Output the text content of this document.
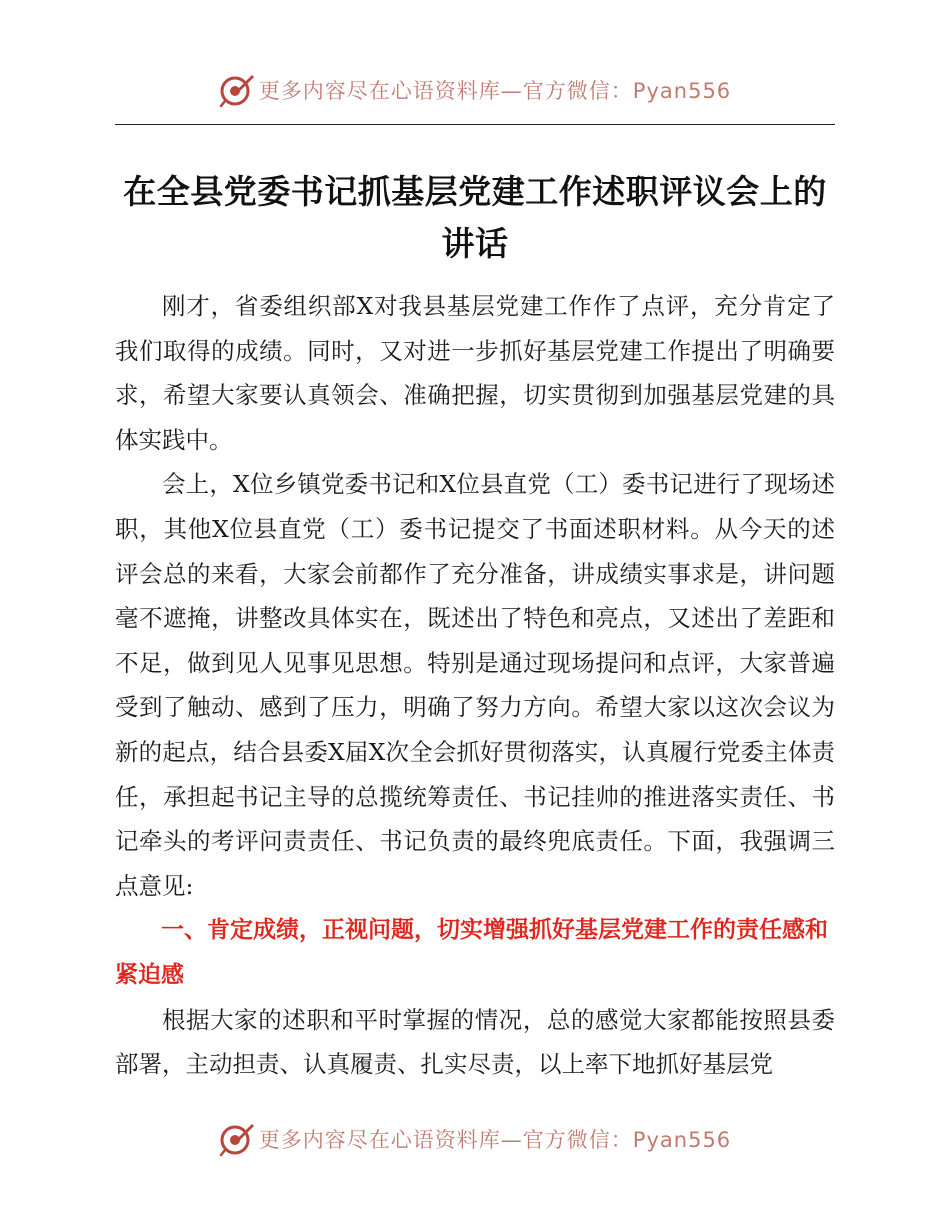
更多内容尽在心语资料库—官方微信：Pyan556
在全县党委书记抓基层党建工作述职评议会上的
讲话

刚才，省委组织部X对我县基层党建工作作了点评，充分肯定了我们取得的成绩。同时，又对进一步抓好基层党建工作提出了明确要求，希望大家要认真领会、准确把握，切实贯彻到加强基层党建的具体实践中。

会上，X位乡镇党委书记和X位县直党（工）委书记进行了现场述职，其他X位县直党（工）委书记提交了书面述职材料。从今天的述评会总的来看，大家会前都作了充分准备，讲成绩实事求是，讲问题毫不遮掩，讲整改具体实在，既述出了特色和亮点，又述出了差距和不足，做到见人见事见思想。特别是通过现场提问和点评，大家普遍受到了触动、感到了压力，明确了努力方向。希望大家以这次会议为新的起点，结合县委X届X次全会抓好贯彻落实，认真履行党委主体责任，承担起书记主导的总揽统筹责任、书记挂帅的推进落实责任、书记牵头的考评问责责任、书记负责的最终兜底责任。下面，我强调三点意见:

一、肯定成绩，正视问题，切实增强抓好基层党建工作的责任感和紧迫感

根据大家的述职和平时掌握的情况，总的感觉大家都能按照县委部署，主动担责、认真履责、扎实尽责，以上率下地抓好基层党

更多内容尽在心语资料库—官方微信：Pyan556
